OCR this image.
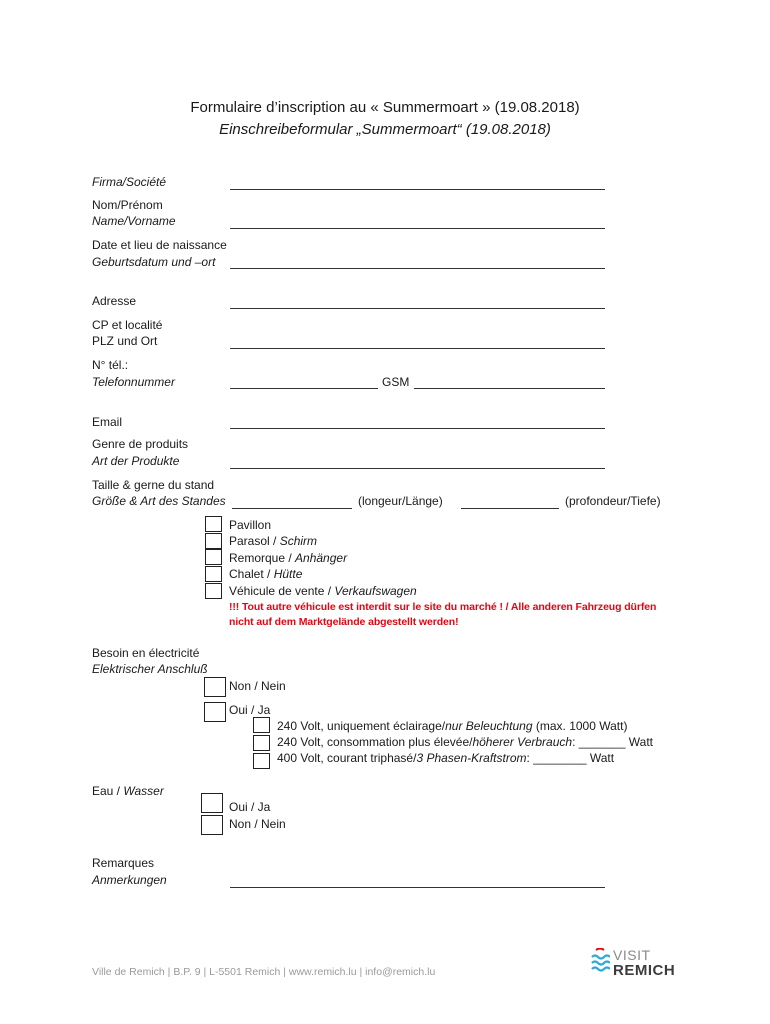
Formulaire d’inscription au « Summermoart » (19.08.2018)
Einschreibeformular „Summermoart“ (19.08.2018)
Firma/Société
Nom/Prénom
Name/Vorname
Date et lieu de naissance
Geburtsdatum und –ort
Adresse
CP et localité
PLZ und Ort
N° tél.:
Telefonnummer	GSM
Email
Genre de produits
Art der Produkte
Taille & gerne du stand
Größe & Art des Standes	(longeur/Länge)	(profondeur/Tiefe)
Pavillon
Parasol / Schirm
Remorque / Anhänger
Chalet / Hütte
Véhicule de vente / Verkaufswagen
!!! Tout autre véhicule est interdit sur le site du marché ! / Alle anderen Fahrzeug dürfen
nicht auf dem Marktgelände abgestellt werden!
Besoin en électricité
Elektrischer Anschluß
Non / Nein
Oui / Ja
240 Volt, uniquement éclairage/nur Beleuchtung (max. 1000 Watt)
240 Volt, consommation plus élevée/höherer Verbrauch: _______ Watt
400 Volt, courant triphasé/3 Phasen-Kraftstrom: ________ Watt
Eau / Wasser
Oui / Ja
Non / Nein
Remarques
Anmerkungen
Ville de Remich | B.P. 9 | L-5501 Remich | www.remich.lu | info@remich.lu
VISIT
REMICH
